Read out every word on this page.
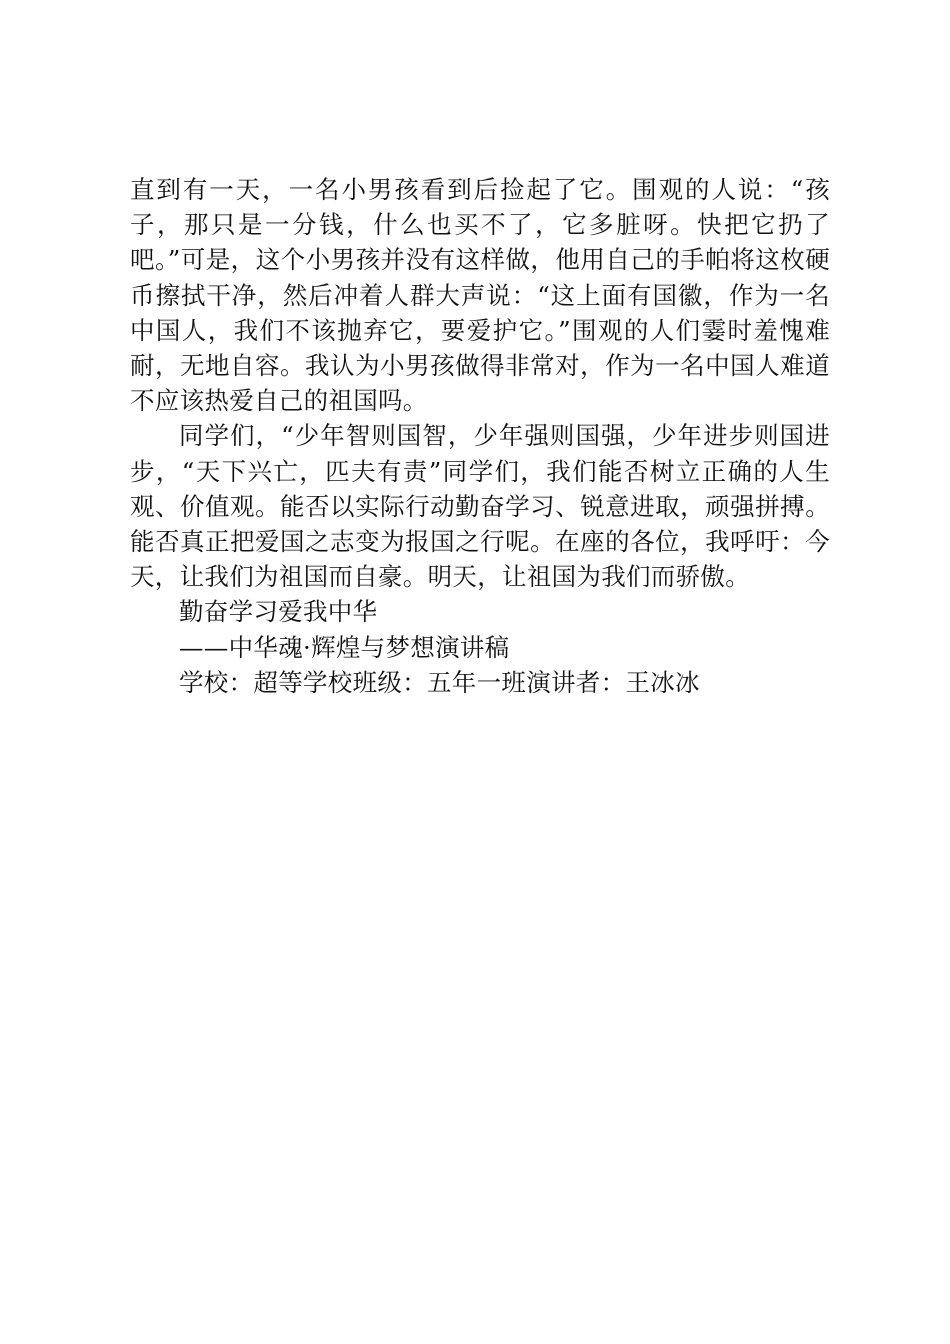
直到有一天，一名小男孩看到后捡起了它。围观的人说：“孩子，那只是一分钱，什么也买不了，它多脏呀。快把它扔了吧。”可是，这个小男孩并没有这样做，他用自己的手帕将这枚硬币擦拭干净，然后冲着人群大声说：“这上面有国徽，作为一名中国人，我们不该抛弃它，要爱护它。”围观的人们霎时羞愧难耐，无地自容。我认为小男孩做得非常对，作为一名中国人难道不应该热爱自己的祖国吗。

同学们，“少年智则国智，少年强则国强，少年进步则国进步，“天下兴亡，匹夫有责”同学们，我们能否树立正确的人生观、价值观。能否以实际行动勤奋学习、锐意进取，顽强拼搏。能否真正把爱国之志变为报国之行呢。在座的各位，我呼吁：今天，让我们为祖国而自豪。明天，让祖国为我们而骄傲。

勤奋学习爱我中华

——中华魂·辉煌与梦想演讲稿

学校：超等学校班级：五年一班演讲者：王冰冰
